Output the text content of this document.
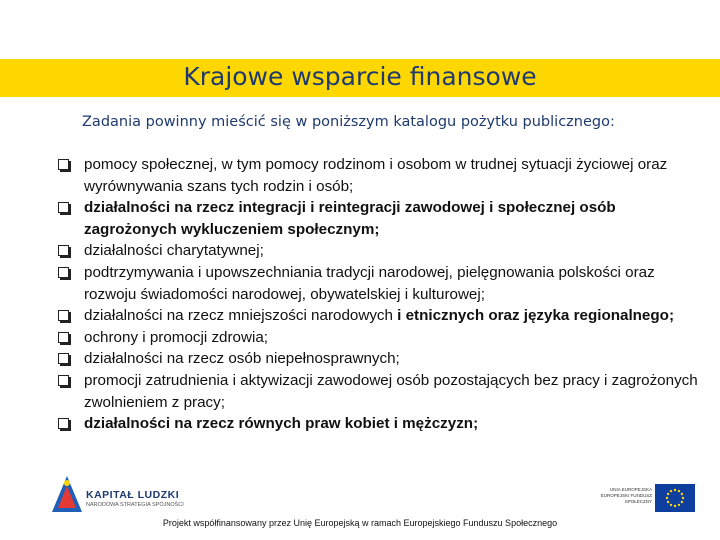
Krajowe wsparcie finansowe
Zadania powinny mieścić się w poniższym katalogu pożytku publicznego:
pomocy społecznej, w tym pomocy rodzinom i osobom w trudnej sytuacji życiowej oraz wyrównywania szans tych rodzin i osób;
działalności na rzecz integracji i reintegracji zawodowej i społecznej osób zagrożonych wykluczeniem społecznym;
działalności charytatywnej;
podtrzymywania i upowszechniania tradycji narodowej, pielęgnowania polskości oraz rozwoju świadomości narodowej, obywatelskiej i kulturowej;
działalności na rzecz mniejszości narodowych i etnicznych oraz języka regionalnego;
ochrony i promocji zdrowia;
działalności na rzecz osób niepełnosprawnych;
promocji zatrudnienia i aktywizacji zawodowej osób pozostających bez pracy i zagrożonych zwolnieniem z pracy;
działalności na rzecz równych praw kobiet i mężczyzn;
KAPITAŁ LUDZKI
NARODOWA STRATEGIA SPÓJNOŚCI
UNIA EUROPEJSKA EUROPEJSKI FUNDUSZ SPOŁECZNY
Projekt współfinansowany przez Unię Europejską w ramach Europejskiego Funduszu Społecznego
